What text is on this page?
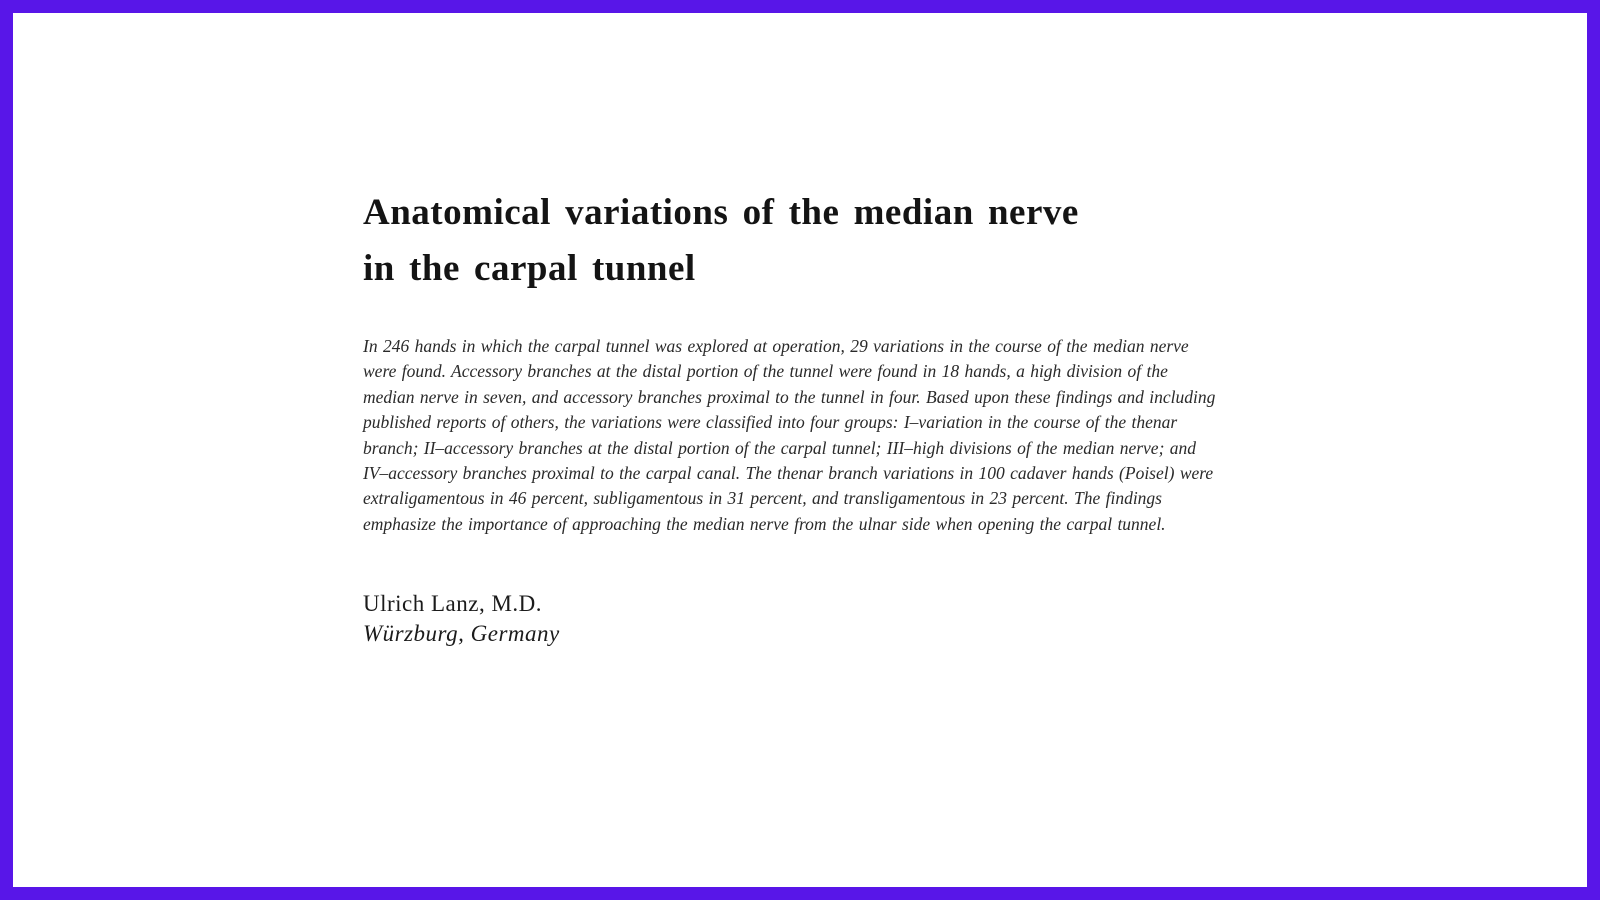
Anatomical variations of the median nerve
in the carpal tunnel

In 246 hands in which the carpal tunnel was explored at operation, 29 variations in the course of the median nerve were found. Accessory branches at the distal portion of the tunnel were found in 18 hands, a high division of the median nerve in seven, and accessory branches proximal to the tunnel in four. Based upon these findings and including published reports of others, the variations were classified into four groups: I–variation in the course of the thenar branch; II–accessory branches at the distal portion of the carpal tunnel; III–high divisions of the median nerve; and IV–accessory branches proximal to the carpal canal. The thenar branch variations in 100 cadaver hands (Poisel) were extraligamentous in 46 percent, subligamentous in 31 percent, and transligamentous in 23 percent. The findings emphasize the importance of approaching the median nerve from the ulnar side when opening the carpal tunnel.

Ulrich Lanz, M.D.
Würzburg, Germany
